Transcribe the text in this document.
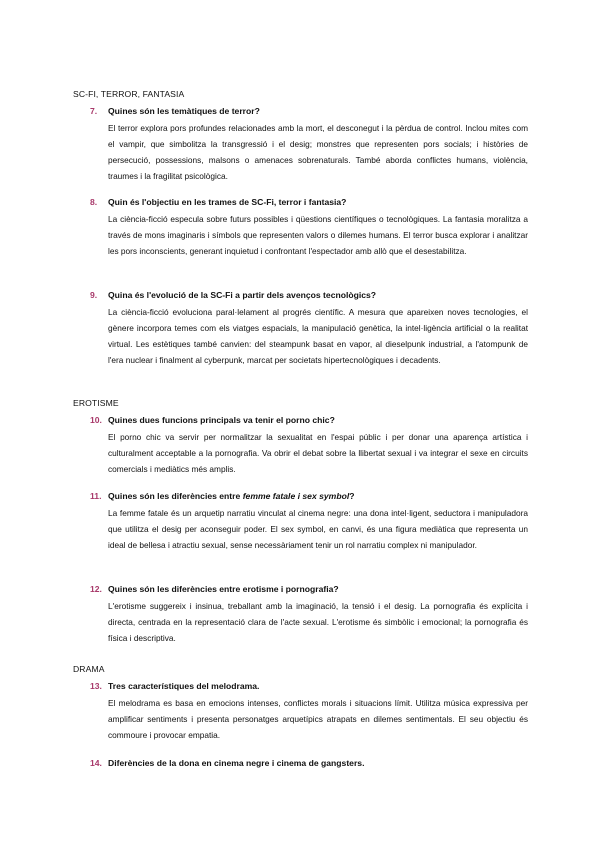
SC-FI, TERROR, FANTASIA
7. Quines són les temàtiques de terror?
El terror explora pors profundes relacionades amb la mort, el desconegut i la pèrdua de control. Inclou mites com el vampir, que simbolitza la transgressió i el desig; monstres que representen pors socials; i històries de persecució, possessions, malsons o amenaces sobrenaturals. També aborda conflictes humans, violència, traumes i la fragilitat psicològica.
8. Quin és l'objectiu en les trames de SC-Fi, terror i fantasia?
La ciència-ficció especula sobre futurs possibles i qüestions científiques o tecnològiques. La fantasia moralitza a través de mons imaginaris i símbols que representen valors o dilemes humans. El terror busca explorar i analitzar les pors inconscients, generant inquietud i confrontant l'espectador amb allò que el desestabilitza.
9. Quina és l'evolució de la SC-Fi a partir dels avenços tecnològics?
La ciència-ficció evoluciona paral·lelament al progrés científic. A mesura que apareixen noves tecnologies, el gènere incorpora temes com els viatges espacials, la manipulació genètica, la intel·ligència artificial o la realitat virtual. Les estètiques també canvien: del steampunk basat en vapor, al dieselpunk industrial, a l'atompunk de l'era nuclear i finalment al cyberpunk, marcat per societats hipertecnològiques i decadents.
EROTISME
10. Quines dues funcions principals va tenir el porno chic?
El porno chic va servir per normalitzar la sexualitat en l'espai públic i per donar una aparença artística i culturalment acceptable a la pornografia. Va obrir el debat sobre la llibertat sexual i va integrar el sexe en circuits comercials i mediàtics més amplis.
11. Quines són les diferències entre femme fatale i sex symbol?
La femme fatale és un arquetip narratiu vinculat al cinema negre: una dona intel·ligent, seductora i manipuladora que utilitza el desig per aconseguir poder. El sex symbol, en canvi, és una figura mediàtica que representa un ideal de bellesa i atractiu sexual, sense necessàriament tenir un rol narratiu complex ni manipulador.
12. Quines són les diferències entre erotisme i pornografia?
L'erotisme suggereix i insinua, treballant amb la imaginació, la tensió i el desig. La pornografia és explícita i directa, centrada en la representació clara de l'acte sexual. L'erotisme és simbòlic i emocional; la pornografia és física i descriptiva.
DRAMA
13. Tres característiques del melodrama.
El melodrama es basa en emocions intenses, conflictes morals i situacions límit. Utilitza música expressiva per amplificar sentiments i presenta personatges arquetípics atrapats en dilemes sentimentals. El seu objectiu és commoure i provocar empatia.
14. Diferències de la dona en cinema negre i cinema de gangsters.
